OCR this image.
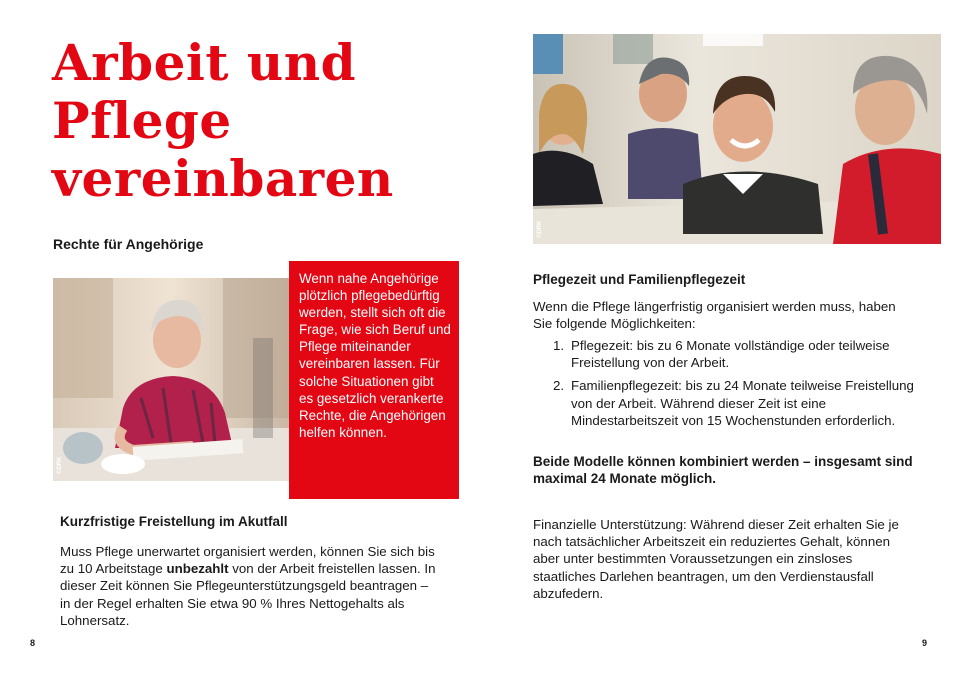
Arbeit und Pflege vereinbaren
Rechte für Angehörige
©DRK
Wenn nahe Angehörige plötzlich pflegebedürftig werden, stellt sich oft die Frage, wie sich Beruf und Pflege miteinander vereinbaren lassen. Für solche Situationen gibt es gesetzlich verankerte Rechte, die Angehörigen helfen können.
Kurzfristige Freistellung im Akutfall
Muss Pflege unerwartet organisiert werden, können Sie sich bis zu 10 Arbeitstage unbezahlt von der Arbeit freistellen lassen. In dieser Zeit können Sie Pflegeunterstützungsgeld beantragen – in der Regel erhalten Sie etwa 90 % Ihres Nettogehalts als Lohnersatz.
8
©DRK
Pflegezeit und Familienpflegezeit
Wenn die Pflege längerfristig organisiert werden muss, haben Sie folgende Möglichkeiten:
1. Pflegezeit: bis zu 6 Monate vollständige oder teilweise Freistellung von der Arbeit.
2. Familienpflegezeit: bis zu 24 Monate teilweise Freistellung von der Arbeit. Während dieser Zeit ist eine Mindestarbeitszeit von 15 Wochenstunden erforderlich.
Beide Modelle können kombiniert werden – insgesamt sind maximal 24 Monate möglich.
Finanzielle Unterstützung: Während dieser Zeit erhalten Sie je nach tatsächlicher Arbeitszeit ein reduziertes Gehalt, können aber unter bestimmten Voraussetzungen ein zinsloses staatliches Darlehen beantragen, um den Verdienstausfall abzufedern.
9
